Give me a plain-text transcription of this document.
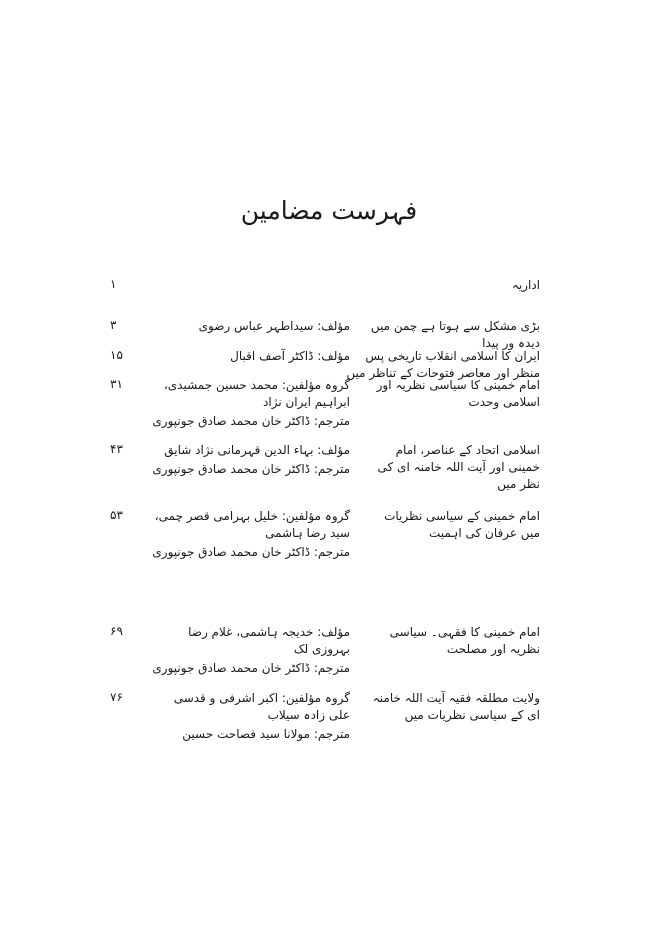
فہرست مضامین
اداریہ
۱
بڑی مشکل سے ہوتا ہے چمن میں دیدہ ور پیدا
مؤلف: سیداطہر عباس رضوی
۳
ایران کا اسلامی انقلاب تاریخی پس منظر اور معاصر فتوحات کے تناظر میں
مؤلف: ڈاکٹر آصف اقبال
۱۵
امام خمینی کا سیاسی نظریہ اور اسلامی وحدت
گروہ مؤلفین: محمد حسین جمشیدی، ابراہیم ایران نژاد
مترجم: ڈاکٹر خان محمد صادق جونپوری
۳۱
اسلامی اتحاد کے عناصر، امام خمینی اور آیت اللہ خامنہ ای کی نظر میں
مؤلف: بہاء الدین قہرمانی نژاد شایق
مترجم: ڈاکٹر خان محمد صادق جونپوری
۴۳
امام خمینی کے سیاسی نظریات میں عرفان کی اہمیت
گروہ مؤلفین: خلیل بہرامی قصر چمی، سید رضا ہاشمی
مترجم: ڈاکٹر خان محمد صادق جونپوری
۵۳
امام خمینی کا فقہی۔ سیاسی نظریہ اور مصلحت
مؤلف: خدیجہ ہاشمی، غلام رضا بہروزی لک
مترجم: ڈاکٹر خان محمد صادق جونپوری
۶۹
ولایت مطلقہ فقیہ آیت اللہ خامنہ ای کے سیاسی نظریات میں
گروہ مؤلفین: اکبر اشرفی و قدسی علی زادہ سیلاب
مترجم: مولانا سید فصاحت حسین
۷۶
